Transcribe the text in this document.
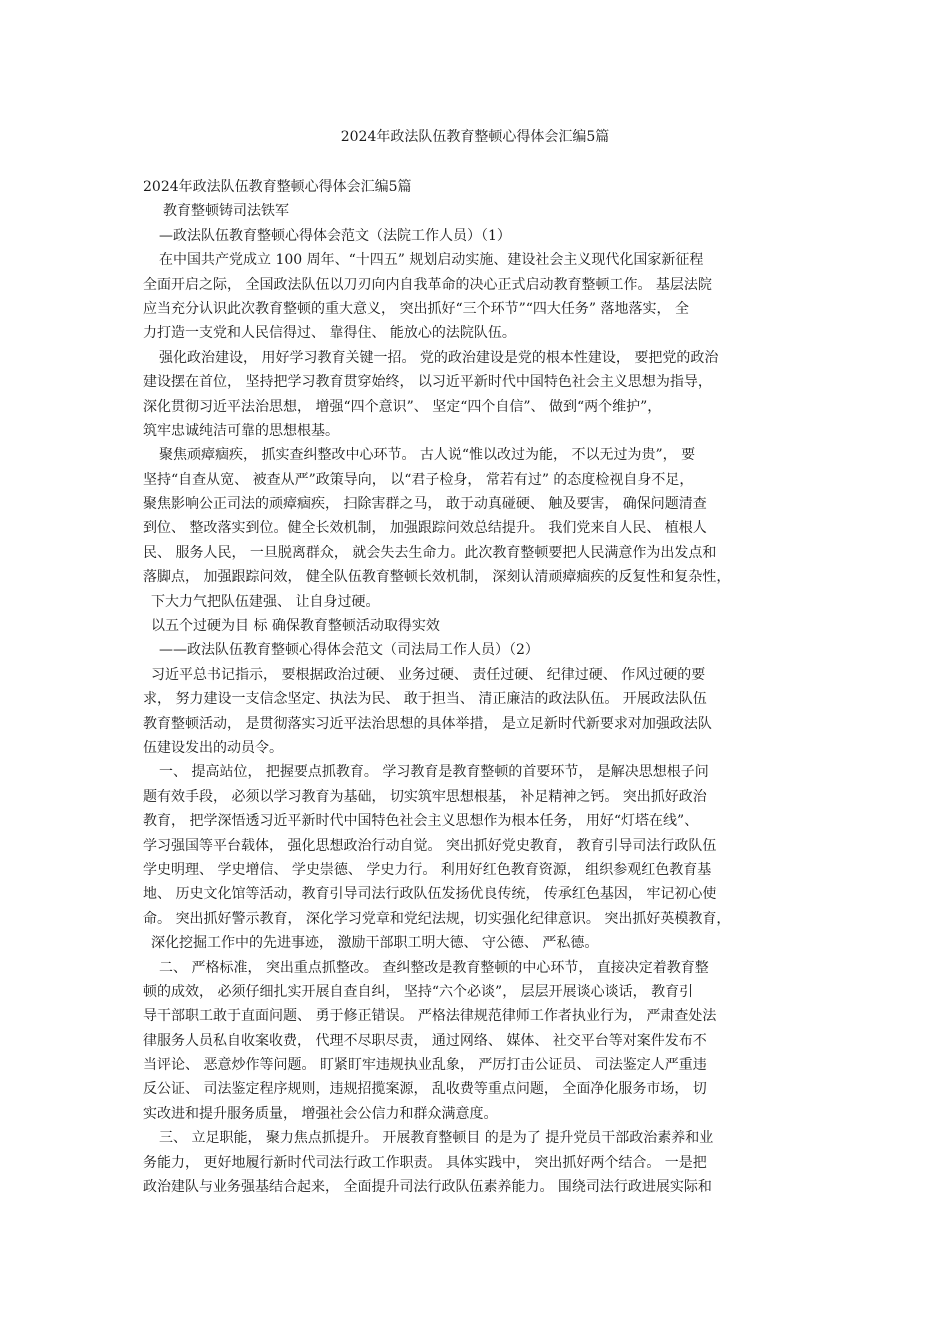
2024年政法队伍教育整顿心得体会汇编5篇
2024年政法队伍教育整顿心得体会汇编5篇
教育整顿铸司法铁军
—政法队伍教育整顿心得体会范文（法院工作人员）（1）
在中国共产党成立 100 周年、“十四五” 规划启动实施、建设社会主义现代化国家新征程
全面开启之际， 全国政法队伍以刀刃向内自我革命的决心正式启动教育整顿工作。 基层法院
应当充分认识此次教育整顿的重大意义， 突出抓好“三个环节”“四大任务” 落地落实， 全
力打造一支党和人民信得过、 靠得住、 能放心的法院队伍。
强化政治建设， 用好学习教育关键一招。 党的政治建设是党的根本性建设， 要把党的政治
建设摆在首位， 坚持把学习教育贯穿始终， 以习近平新时代中国特色社会主义思想为指导，
深化贯彻习近平法治思想， 增强“四个意识”、 坚定“四个自信”、 做到“两个维护”，
筑牢忠诚纯洁可靠的思想根基。
聚焦顽瘴痼疾， 抓实查纠整改中心环节。 古人说“惟以改过为能， 不以无过为贵”， 要
坚持“自查从宽、 被查从严”政策导向， 以“君子检身， 常若有过” 的态度检视自身不足，
聚焦影响公正司法的顽瘴痼疾， 扫除害群之马， 敢于动真碰硬、 触及要害， 确保问题清查
到位、 整改落实到位。健全长效机制， 加强跟踪问效总结提升。 我们党来自人民、 植根人
民、 服务人民， 一旦脱离群众， 就会失去生命力。此次教育整顿要把人民满意作为出发点和
落脚点， 加强跟踪问效， 健全队伍教育整顿长效机制， 深刻认清顽瘴痼疾的反复性和复杂性，
下大力气把队伍建强、 让自身过硬。
以五个过硬为目 标 确保教育整顿活动取得实效
——政法队伍教育整顿心得体会范文（司法局工作人员）（2）
习近平总书记指示， 要根据政治过硬、 业务过硬、 责任过硬、 纪律过硬、 作风过硬的要
求， 努力建设一支信念坚定、执法为民、 敢于担当、 清正廉洁的政法队伍。 开展政法队伍
教育整顿活动， 是贯彻落实习近平法治思想的具体举措， 是立足新时代新要求对加强政法队
伍建设发出的动员令。
一、 提高站位， 把握要点抓教育。 学习教育是教育整顿的首要环节， 是解决思想根子问
题有效手段， 必须以学习教育为基础， 切实筑牢思想根基， 补足精神之钙。 突出抓好政治
教育， 把学深悟透习近平新时代中国特色社会主义思想作为根本任务， 用好“灯塔在线”、
学习强国等平台载体， 强化思想政治行动自觉。 突出抓好党史教育， 教育引导司法行政队伍
学史明理、 学史增信、 学史崇德、 学史力行。 利用好红色教育资源， 组织参观红色教育基
地、 历史文化馆等活动，教育引导司法行政队伍发扬优良传统， 传承红色基因， 牢记初心使
命。 突出抓好警示教育， 深化学习党章和党纪法规，切实强化纪律意识。 突出抓好英模教育，
深化挖掘工作中的先进事迹， 激励干部职工明大德、 守公德、 严私德。
二、 严格标准， 突出重点抓整改。 查纠整改是教育整顿的中心环节， 直接决定着教育整
顿的成效， 必须仔细扎实开展自查自纠， 坚持“六个必谈”， 层层开展谈心谈话， 教育引
导干部职工敢于直面问题、 勇于修正错误。 严格法律规范律师工作者执业行为， 严肃查处法
律服务人员私自收案收费， 代理不尽职尽责， 通过网络、 媒体、 社交平台等对案件发布不
当评论、 恶意炒作等问题。 盯紧盯牢违规执业乱象， 严厉打击公证员、 司法鉴定人严重违
反公证、 司法鉴定程序规则，违规招揽案源， 乱收费等重点问题， 全面净化服务市场， 切
实改进和提升服务质量， 增强社会公信力和群众满意度。
三、 立足职能， 聚力焦点抓提升。 开展教育整顿目 的是为了 提升党员干部政治素养和业
务能力， 更好地履行新时代司法行政工作职责。 具体实践中， 突出抓好两个结合。 一是把
政治建队与业务强基结合起来， 全面提升司法行政队伍素养能力。 围绕司法行政进展实际和
